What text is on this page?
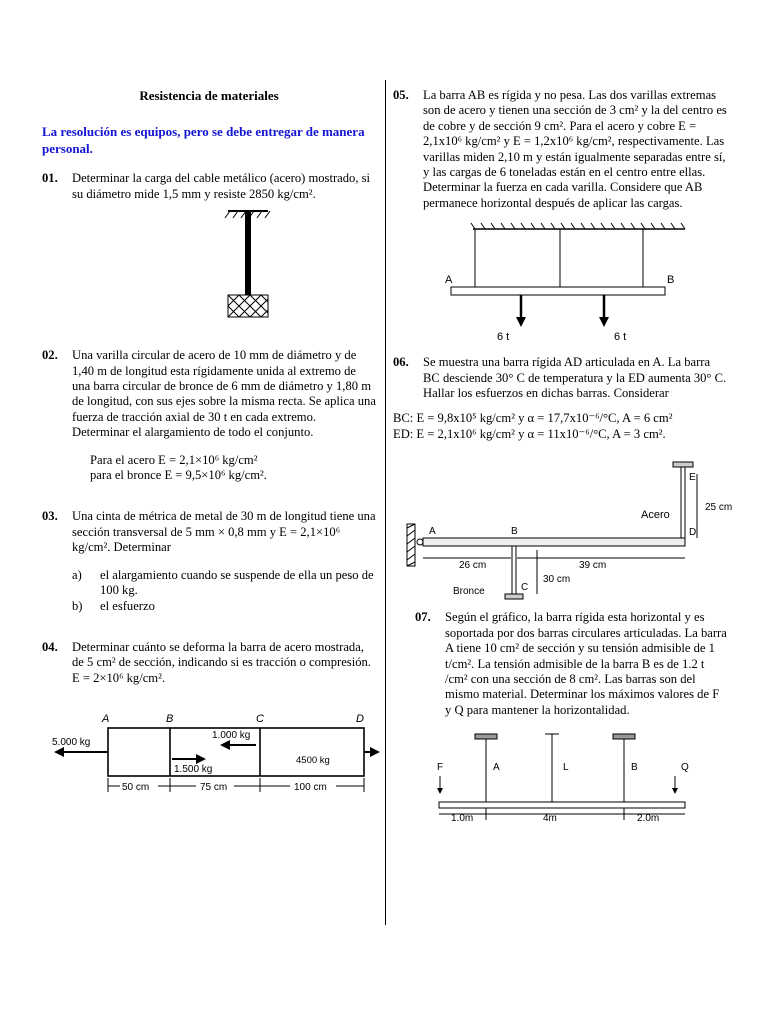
Resistencia de materiales
La resolución es equipos, pero se debe entregar de manera personal.
01. Determinar la carga del cable metálico (acero) mostrado, si su diámetro mide 1,5 mm y resiste 2850 kg/cm².
02. Una varilla circular de acero de 10 mm de diámetro y de 1,40 m de longitud esta rígidamente unida al extremo de una barra circular de bronce de 6 mm de diámetro y 1,80 m de longitud, con sus ejes sobre la misma recta. Se aplica una fuerza de tracción axial de 30 t en cada extremo. Determinar el alargamiento de todo el conjunto.
Para el acero E = 2,1×10⁶ kg/cm²
para el bronce E = 9,5×10⁶ kg/cm².
03. Una cinta de métrica de metal de 30 m de longitud tiene una sección transversal de 5 mm × 0,8 mm y E = 2,1×10⁶ kg/cm². Determinar
a) el alargamiento cuando se suspende de ella un peso de 100 kg.
b) el esfuerzo
04. Determinar cuánto se deforma la barra de acero mostrada, de 5 cm² de sección, indicando si es tracción o compresión. E = 2×10⁶ kg/cm².
A	B	C	D
5.000 kg
1.000 kg
1.500 kg
4500 kg
50 cm	75 cm	100 cm
05. La barra AB es rígida y no pesa. Las dos varillas extremas son de acero y tienen una sección de 3 cm² y la del centro es de cobre y de sección 9 cm². Para el acero y cobre E = 2,1x10⁶ kg/cm² y E = 1,2x10⁶ kg/cm², respectivamente. Las varillas miden 2,10 m y están igualmente separadas entre sí, y las cargas de 6 toneladas están en el centro entre ellas. Determinar la fuerza en cada varilla. Considere que AB permanece horizontal después de aplicar las cargas.
A	B
6 t	6 t
06. Se muestra una barra rígida AD articulada en A. La barra BC desciende 30° C de temperatura y la ED aumenta 30° C. Hallar los esfuerzos en dichas barras. Considerar
BC: E = 9,8x10⁵ kg/cm² y α = 17,7x10⁻⁶/°C, A = 6 cm²
ED: E = 2,1x10⁶ kg/cm² y α = 11x10⁻⁶/°C, A = 3 cm².
A	B	D
E
Acero
25 cm
26 cm	39 cm
Bronce	C
30 cm
07. Según el gráfico, la barra rígida esta horizontal y es soportada por dos barras circulares articuladas. La barra A tiene 10 cm² de sección y su tensión admisible de 1 t/cm². La tensión admisible de la barra B es de 1.2 t /cm² con una sección de 8 cm². Las barras son del mismo material. Determinar los máximos valores de F y Q para mantener la horizontalidad.
F	A	L	B	Q
1.0m	4m	2.0m
